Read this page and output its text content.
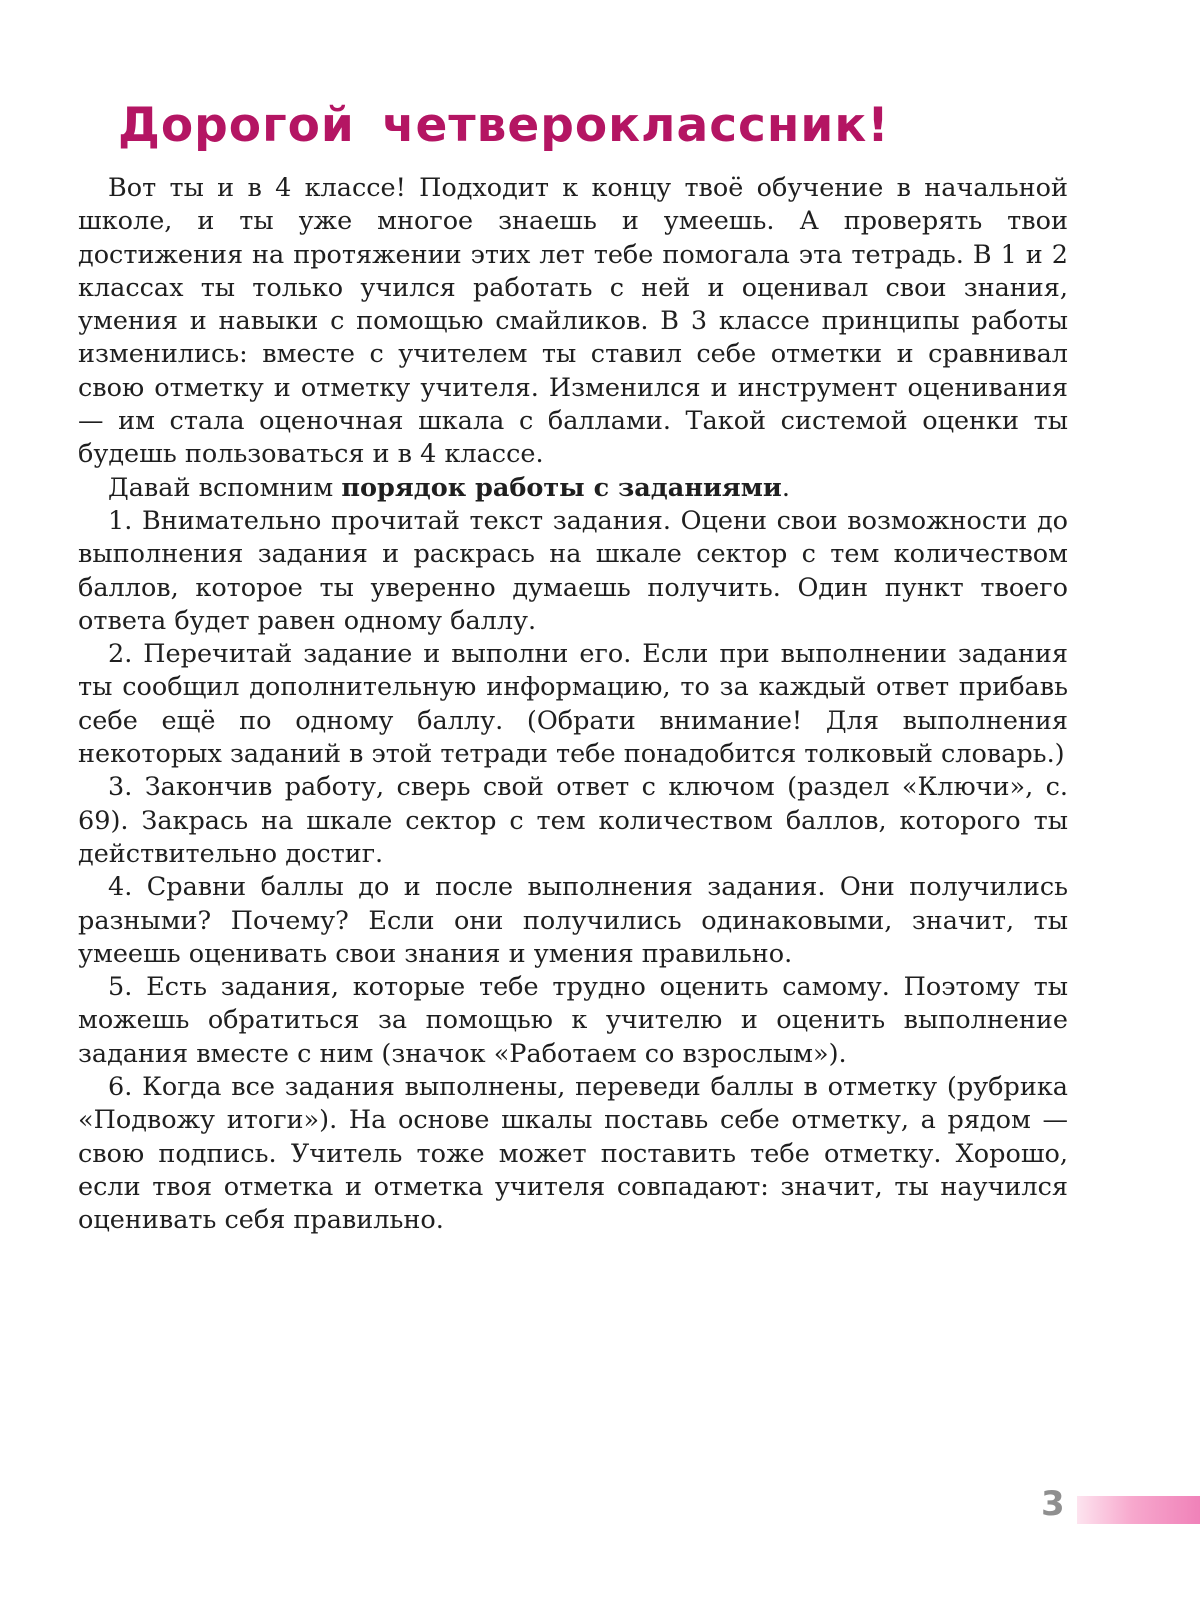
Дорогой четвероклассник!

Вот ты и в 4 классе! Подходит к концу твоё обучение в начальной школе, и ты уже многое знаешь и умеешь. А проверять твои достижения на протяжении этих лет тебе помогала эта тетрадь. В 1 и 2 классах ты только учился работать с ней и оценивал свои знания, умения и навыки с помощью смайликов. В 3 классе принципы работы изменились: вместе с учителем ты ставил себе отметки и сравнивал свою отметку и отметку учителя. Изменился и инструмент оценивания — им стала оценочная шкала с баллами. Такой системой оценки ты будешь пользоваться и в 4 классе.

Давай вспомним порядок работы с заданиями.

1. Внимательно прочитай текст задания. Оцени свои возможности до выполнения задания и раскрась на шкале сектор с тем количеством баллов, которое ты уверенно думаешь получить. Один пункт твоего ответа будет равен одному баллу.

2. Перечитай задание и выполни его. Если при выполнении задания ты сообщил дополнительную информацию, то за каждый ответ прибавь себе ещё по одному баллу. (Обрати внимание! Для выполнения некоторых заданий в этой тетради тебе понадобится толковый словарь.)

3. Закончив работу, сверь свой ответ с ключом (раздел «Ключи», с. 69). Закрась на шкале сектор с тем количеством баллов, которого ты действительно достиг.

4. Сравни баллы до и после выполнения задания. Они получились разными? Почему? Если они получились одинаковыми, значит, ты умеешь оценивать свои знания и умения правильно.

5. Есть задания, которые тебе трудно оценить самому. Поэтому ты можешь обратиться за помощью к учителю и оценить выполнение задания вместе с ним (значок «Работаем со взрослым»).

6. Когда все задания выполнены, переведи баллы в отметку (рубрика «Подвожу итоги»). На основе шкалы поставь себе отметку, а рядом — свою подпись. Учитель тоже может поставить тебе отметку. Хорошо, если твоя отметка и отметка учителя совпадают: значит, ты научился оценивать себя правильно.

3
